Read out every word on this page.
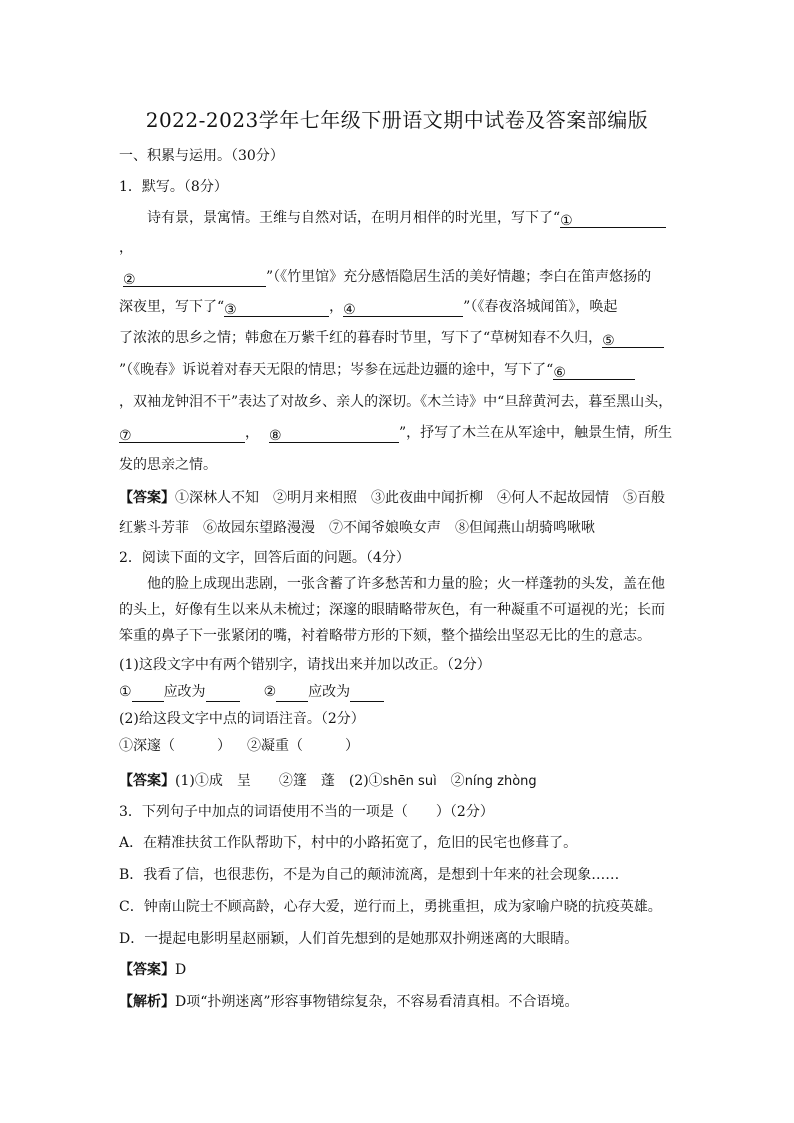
2022-2023学年七年级下册语文期中试卷及答案部编版
一、积累与运用。（30分）
1．默写。（8分）
诗有景，景寓情。王维与自然对话，在明月相伴的时光里，写下了“①
，
②	”（《竹里馆》充分感悟隐居生活的美好情趣；李白在笛声悠扬的
深夜里，写下了“③	，④	”（《春夜洛城闻笛》，唤起
了浓浓的思乡之情；韩愈在万紫千红的暮春时节里，写下了“草树知春不久归，⑤
”（《晚春》诉说着对春天无限的情思；岑参在远赴边疆的途中，写下了“⑥
，双袖龙钟泪不干”表达了对故乡、亲人的深切。《木兰诗》中“旦辞黄河去，暮至黑山头，
⑦	， ⑧	”，抒写了木兰在从军途中，触景生情，所生
发的思亲之情。
【答案】①深林人不知　②明月来相照　③此夜曲中闻折柳　④何人不起故园情　⑤百般
红紫斗芳菲　⑥故园东望路漫漫　⑦不闻爷娘唤女声　⑧但闻燕山胡骑鸣啾啾
2．阅读下面的文字，回答后面的问题。（4分）
他的脸上成现出悲剧，一张含蓄了许多愁苦和力量的脸；火一样蓬勃的头发，盖在他
的头上，好像有生以来从未梳过；深邃的眼睛略带灰色，有一种凝重不可逼视的光；长而
笨重的鼻子下一张紧闭的嘴，衬着略带方形的下颏，整个描绘出坚忍无比的生的意志。
(1)这段文字中有两个错别字，请找出来并加以改正。（2分）
① 应改为	② 应改为
(2)给这段文字中点的词语注音。（2分）
①深邃（　　　） ②凝重（　　　）
【答案】(1)①成　呈　　②篷　蓬　(2)①shēn suì　②níng zhòng
3．下列句子中加点的词语使用不当的一项是（　　）（2分）
A．在精准扶贫工作队帮助下，村中的小路拓宽了，危旧的民宅也修葺了。
B．我看了信，也很悲伤，不是为自己的颠沛流离，是想到十年来的社会现象……
C．钟南山院士不顾高龄，心存大爱，逆行而上，勇挑重担，成为家喻户晓的抗疫英雄。
D．一提起电影明星赵丽颖，人们首先想到的是她那双扑朔迷离的大眼睛。
【答案】D
【解析】D项“扑朔迷离”形容事物错综复杂，不容易看清真相。不合语境。
